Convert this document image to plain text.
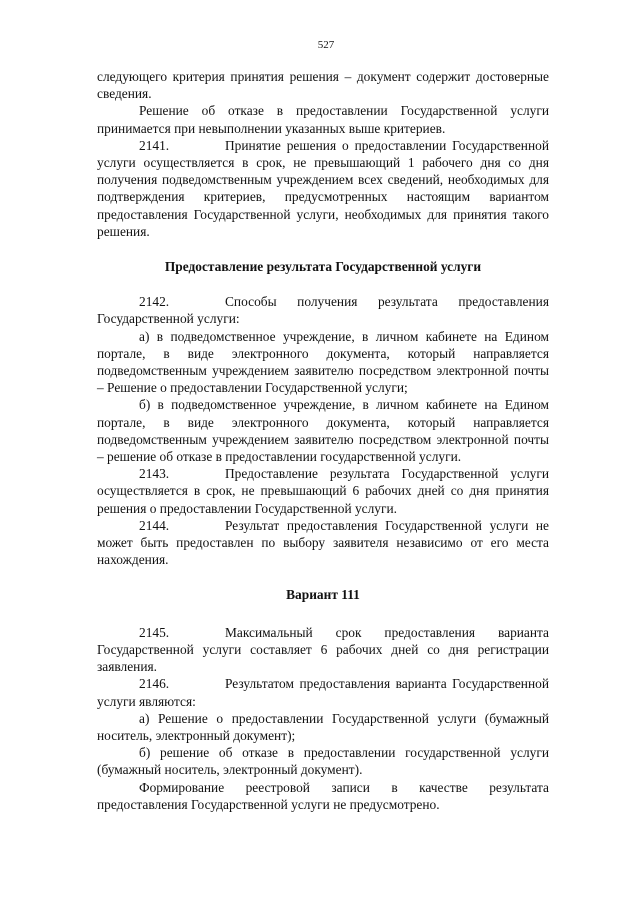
527

следующего критерия принятия решения – документ содержит достоверные сведения.

Решение об отказе в предоставлении Государственной услуги принимается при невыполнении указанных выше критериев.

2141.	Принятие решения о предоставлении Государственной услуги осуществляется в срок, не превышающий 1 рабочего дня со дня получения подведомственным учреждением всех сведений, необходимых для подтверждения критериев, предусмотренных настоящим вариантом предоставления Государственной услуги, необходимых для принятия такого решения.

Предоставление результата Государственной услуги

2142.	Способы получения результата предоставления Государственной услуги:

а) в подведомственное учреждение, в личном кабинете на Едином портале, в виде электронного документа, который направляется подведомственным учреждением заявителю посредством электронной почты – Решение о предоставлении Государственной услуги;

б) в подведомственное учреждение, в личном кабинете на Едином портале, в виде электронного документа, который направляется подведомственным учреждением заявителю посредством электронной почты – решение об отказе в предоставлении государственной услуги.

2143.	Предоставление результата Государственной услуги осуществляется в срок, не превышающий 6 рабочих дней со дня принятия решения о предоставлении Государственной услуги.

2144.	Результат предоставления Государственной услуги не может быть предоставлен по выбору заявителя независимо от его места нахождения.

Вариант 111

2145.	Максимальный срок предоставления варианта Государственной услуги составляет 6 рабочих дней со дня регистрации заявления.

2146.	Результатом предоставления варианта Государственной услуги являются:

а) Решение о предоставлении Государственной услуги (бумажный носитель, электронный документ);

б) решение об отказе в предоставлении государственной услуги (бумажный носитель, электронный документ).

Формирование реестровой записи в качестве результата предоставления Государственной услуги не предусмотрено.
